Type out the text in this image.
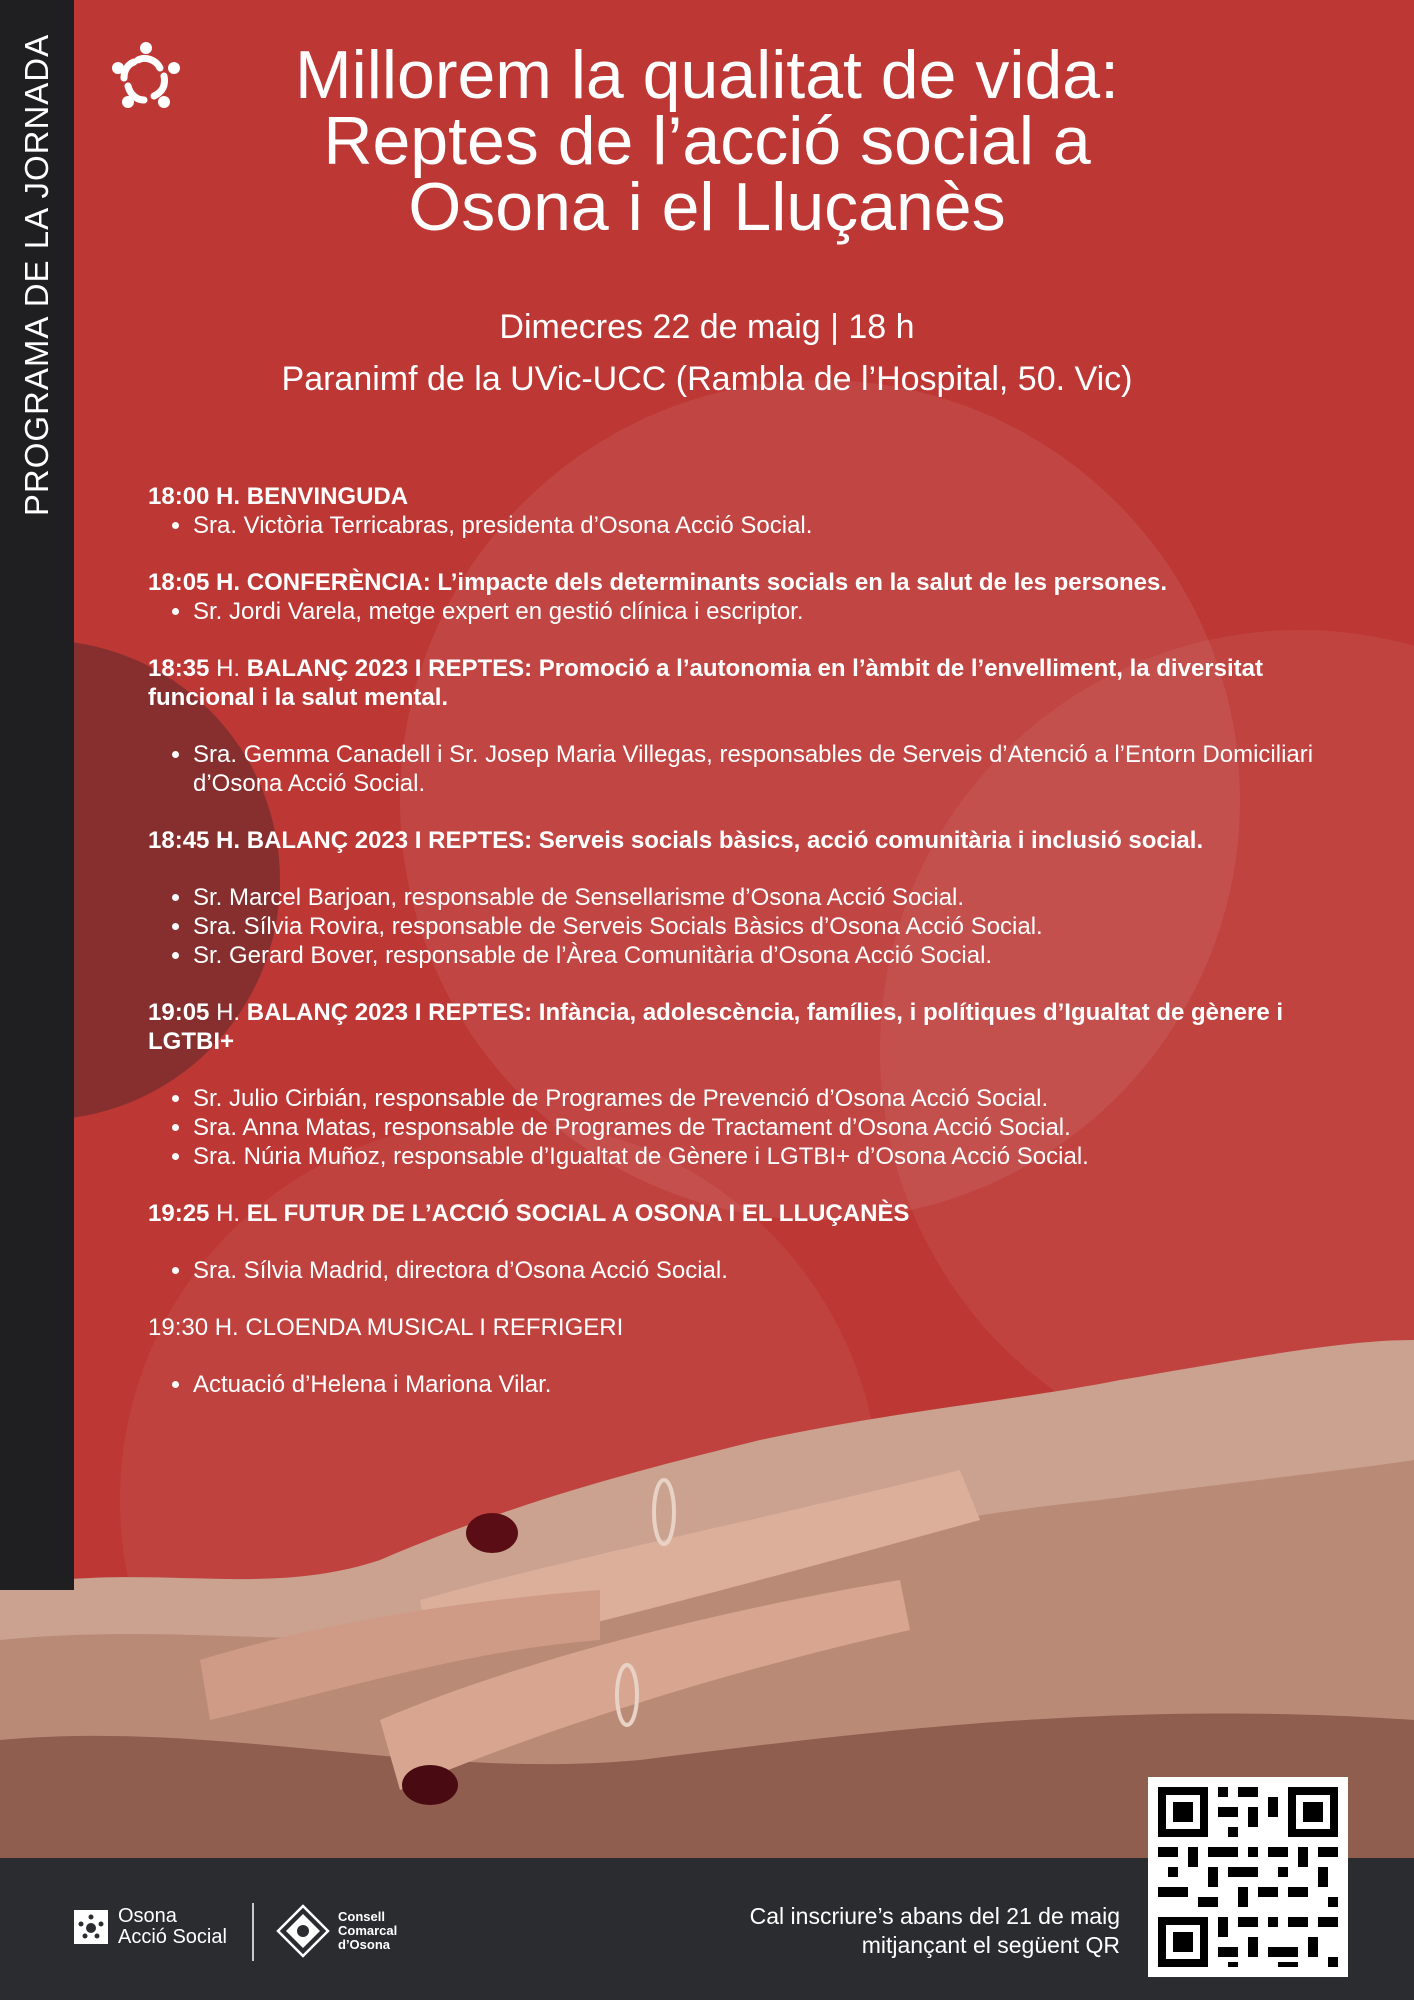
PROGRAMA DE LA JORNADA	Millorem la qualitat de vida:
Reptes de l’acció social a
Osona i el Lluçanès
Dimecres 22 de maig | 18 h
Paranimf de la UVic-UCC (Rambla de l’Hospital, 50. Vic)
18:00 H. BENVINGUDA
• Sra. Victòria Terricabras, presidenta d’Osona Acció Social.
18:05 H. CONFERÈNCIA: L’impacte dels determinants socials en la salut de les persones.
• Sr. Jordi Varela, metge expert en gestió clínica i escriptor.
18:35 H. BALANÇ 2023 I REPTES: Promoció a l’autonomia en l’àmbit de l’envelliment, la diversitat funcional i la salut mental.
• Sra. Gemma Canadell i Sr. Josep Maria Villegas, responsables de Serveis d’Atenció a l’Entorn Domiciliari d’Osona Acció Social.
18:45 H. BALANÇ 2023 I REPTES: Serveis socials bàsics, acció comunitària i inclusió social.
• Sr. Marcel Barjoan, responsable de Sensellarisme d’Osona Acció Social.
• Sra. Sílvia Rovira, responsable de Serveis Socials Bàsics d’Osona Acció Social.
• Sr. Gerard Bover, responsable de l’Àrea Comunitària d’Osona Acció Social.
19:05 H. BALANÇ 2023 I REPTES: Infància, adolescència, famílies, i polítiques d’Igualtat de gènere i LGTBI+
• Sr. Julio Cirbián, responsable de Programes de Prevenció d’Osona Acció Social.
• Sra. Anna Matas, responsable de Programes de Tractament d’Osona Acció Social.
• Sra. Núria Muñoz, responsable d’Igualtat de Gènere i LGTBI+ d’Osona Acció Social.
19:25 H. EL FUTUR DE L’ACCIÓ SOCIAL A OSONA I EL LLUÇANÈS
• Sra. Sílvia Madrid, directora d’Osona Acció Social.
19:30 H. CLOENDA MUSICAL I REFRIGERI
• Actuació d’Helena i Mariona Vilar.
Osona
Acció Social
Consell
Comarcal
d’Osona
Cal inscriure’s abans del 21 de maig
mitjançant el següent QR
